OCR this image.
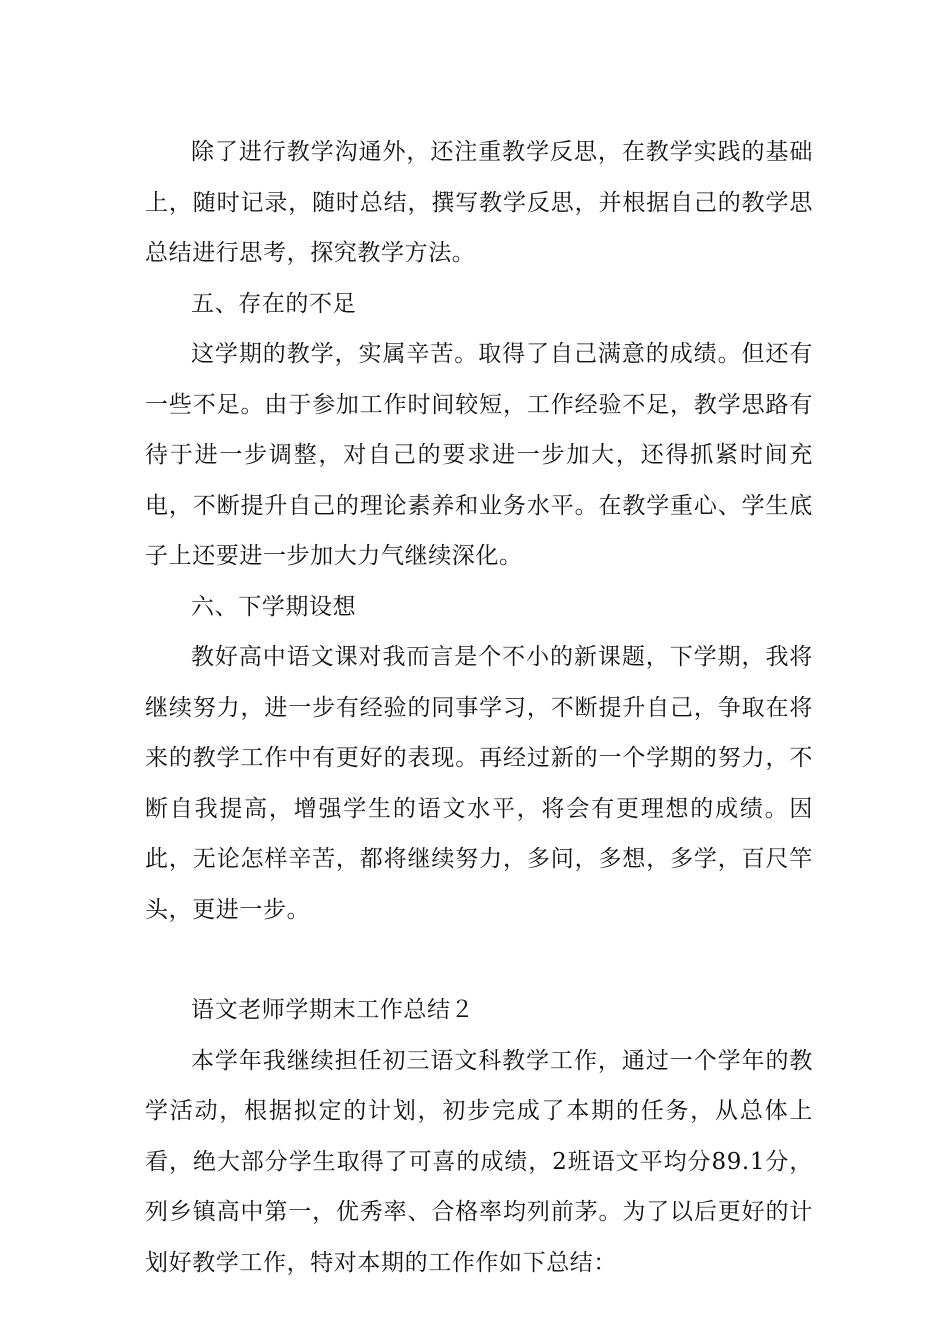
除了进行教学沟通外，还注重教学反思，在教学实践的基础上，随时记录，随时总结，撰写教学反思，并根据自己的教学思总结进行思考，探究教学方法。

五、存在的不足

这学期的教学，实属辛苦。取得了自己满意的成绩。但还有一些不足。由于参加工作时间较短，工作经验不足，教学思路有待于进一步调整，对自己的要求进一步加大，还得抓紧时间充电，不断提升自己的理论素养和业务水平。在教学重心、学生底子上还要进一步加大力气继续深化。

六、下学期设想

教好高中语文课对我而言是个不小的新课题，下学期，我将继续努力，进一步有经验的同事学习，不断提升自己，争取在将来的教学工作中有更好的表现。再经过新的一个学期的努力，不断自我提高，增强学生的语文水平，将会有更理想的成绩。因此，无论怎样辛苦，都将继续努力，多问，多想，多学，百尺竿头，更进一步。

语文老师学期末工作总结２

本学年我继续担任初三语文科教学工作，通过一个学年的教学活动，根据拟定的计划，初步完成了本期的任务，从总体上看，绝大部分学生取得了可喜的成绩，2班语文平均分89.1分，列乡镇高中第一，优秀率、合格率均列前茅。为了以后更好的计划好教学工作，特对本期的工作作如下总结：
